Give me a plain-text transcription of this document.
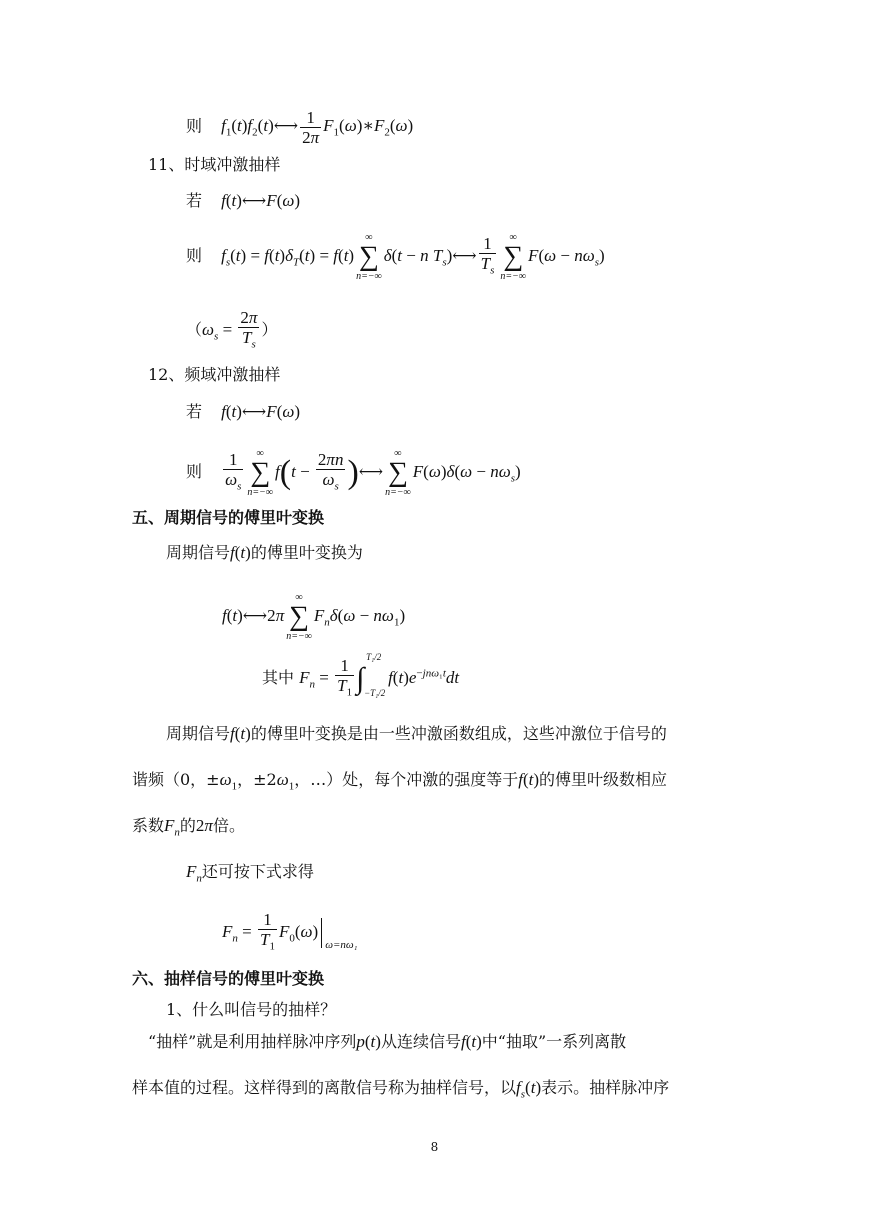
则 $f_1(t)f_2(t)⟷ \frac{1}{2\pi}$ $F_1(\omega)∗F_2(\omega)$
11、时域冲激抽样
若 f(t)⟷F(ω)
则 $f_s(t) = f(t)\delta_T(t) = f(t)$
∞
∑
n=−∞
δ(t − n $T_s)⟷ \frac{1}{T_s}$	∞
∑
n=−∞
$F(\omega - n\omega_s)$
（$\omega_s = \frac{2\pi}{T_s}$ ）
12、频域冲激抽样
若 f(t)⟷F(ω)
则 $\frac{1}{\omega_s}$	∞
∑
n=−∞
$f(t - \frac{2\pi n}{\omega_s}$ )⟷
∞
∑
n=−∞
$F(\omega)\delta(\omega - n\omega_s)$
五、周期信号的傅里叶变换
周期信号f(t)的傅里叶变换为
f(t)⟷2π
∞
∑
n=−∞
$F_n\delta(\omega - n\omega_1)$
其中 $F_n = \frac{1}{T_1} T_1/2$
∫ −T₁/2
$f(t)e^{-jn\omega_1t}dt$
周期信号f(t)的傅里叶变换是由一些冲激函数组成，这些冲激位于信号的
谐频（0，$\pm\omega_1$，$\pm 2\omega_1$，…）处，每个冲激的强度等于f(t)的傅里叶级数相应
系数$F_n$的2π倍。
$F_n$还可按下式求得
$F_n = \frac{1}{T_1} F_0(\omega)$
ω=nω₁
六、抽样信号的傅里叶变换
1、什么叫信号的抽样？
“抽样”就是利用抽样脉冲序列p(t)从连续信号f(t)中“抽取”一系列离散
样本值的过程。这样得到的离散信号称为抽样信号，以$f_s(t)$表示。抽样脉冲序
8
